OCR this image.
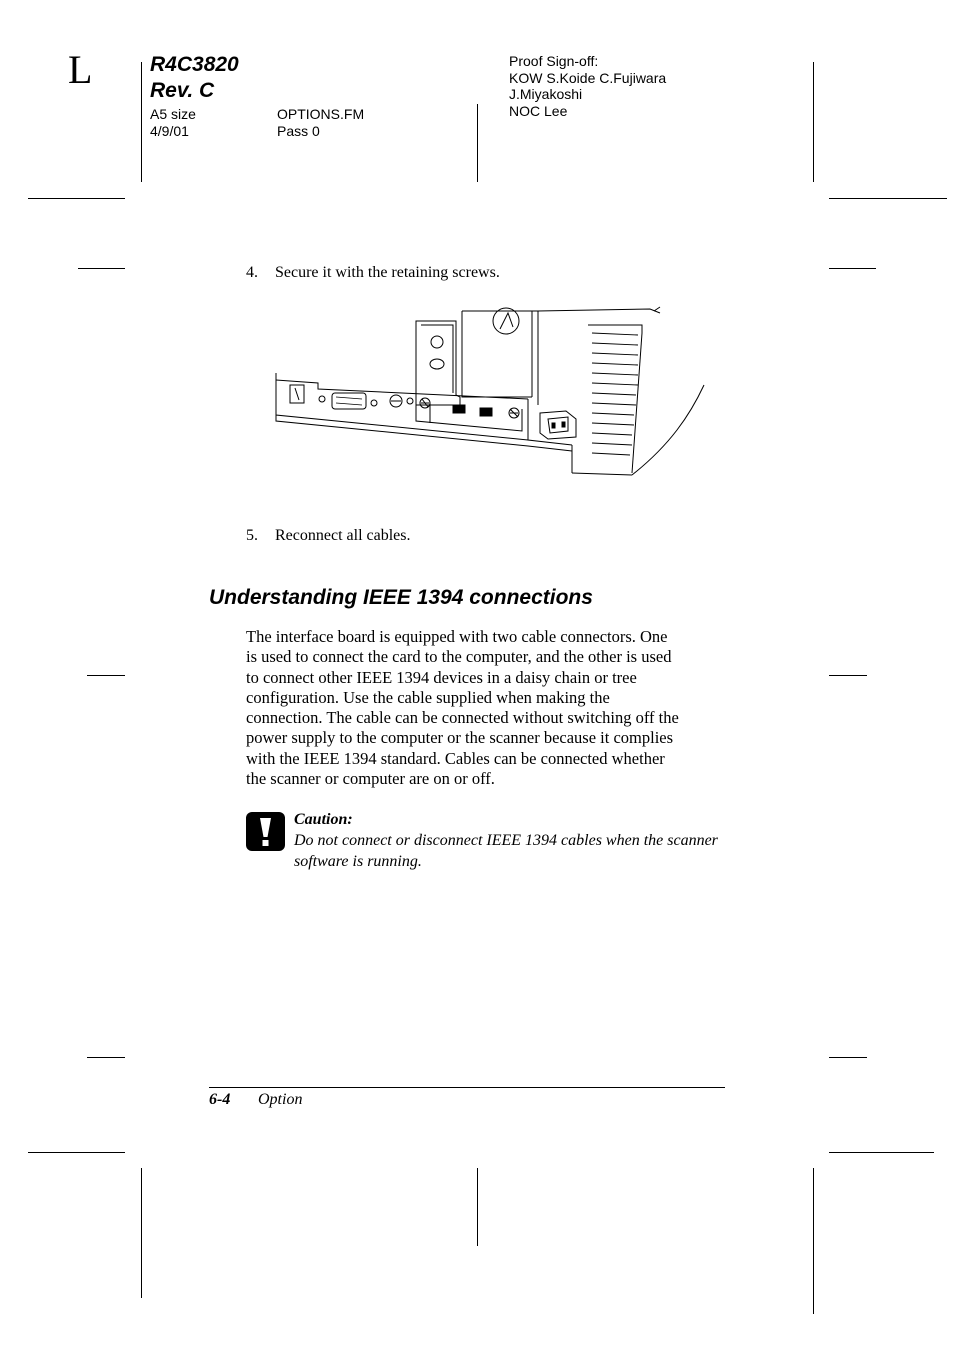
L	R4C3820
Rev. C
A5 size
4/9/01
OPTIONS.FM
Pass 0
Proof Sign-off:
KOW S.Koide C.Fujiwara
J.Miyakoshi
NOC Lee
4. Secure it with the retaining screws.
5. Reconnect all cables.
Understanding IEEE 1394 connections
The interface board is equipped with two cable connectors. One
is used to connect the card to the computer, and the other is used
to connect other IEEE 1394 devices in a daisy chain or tree
configuration. Use the cable supplied when making the
connection. The cable can be connected without switching off the
power supply to the computer or the scanner because it complies
with the IEEE 1394 standard. Cables can be connected whether
the scanner or computer are on or off.
Caution:
Do not connect or disconnect IEEE 1394 cables when the scanner
software is running.
6-4 Option
